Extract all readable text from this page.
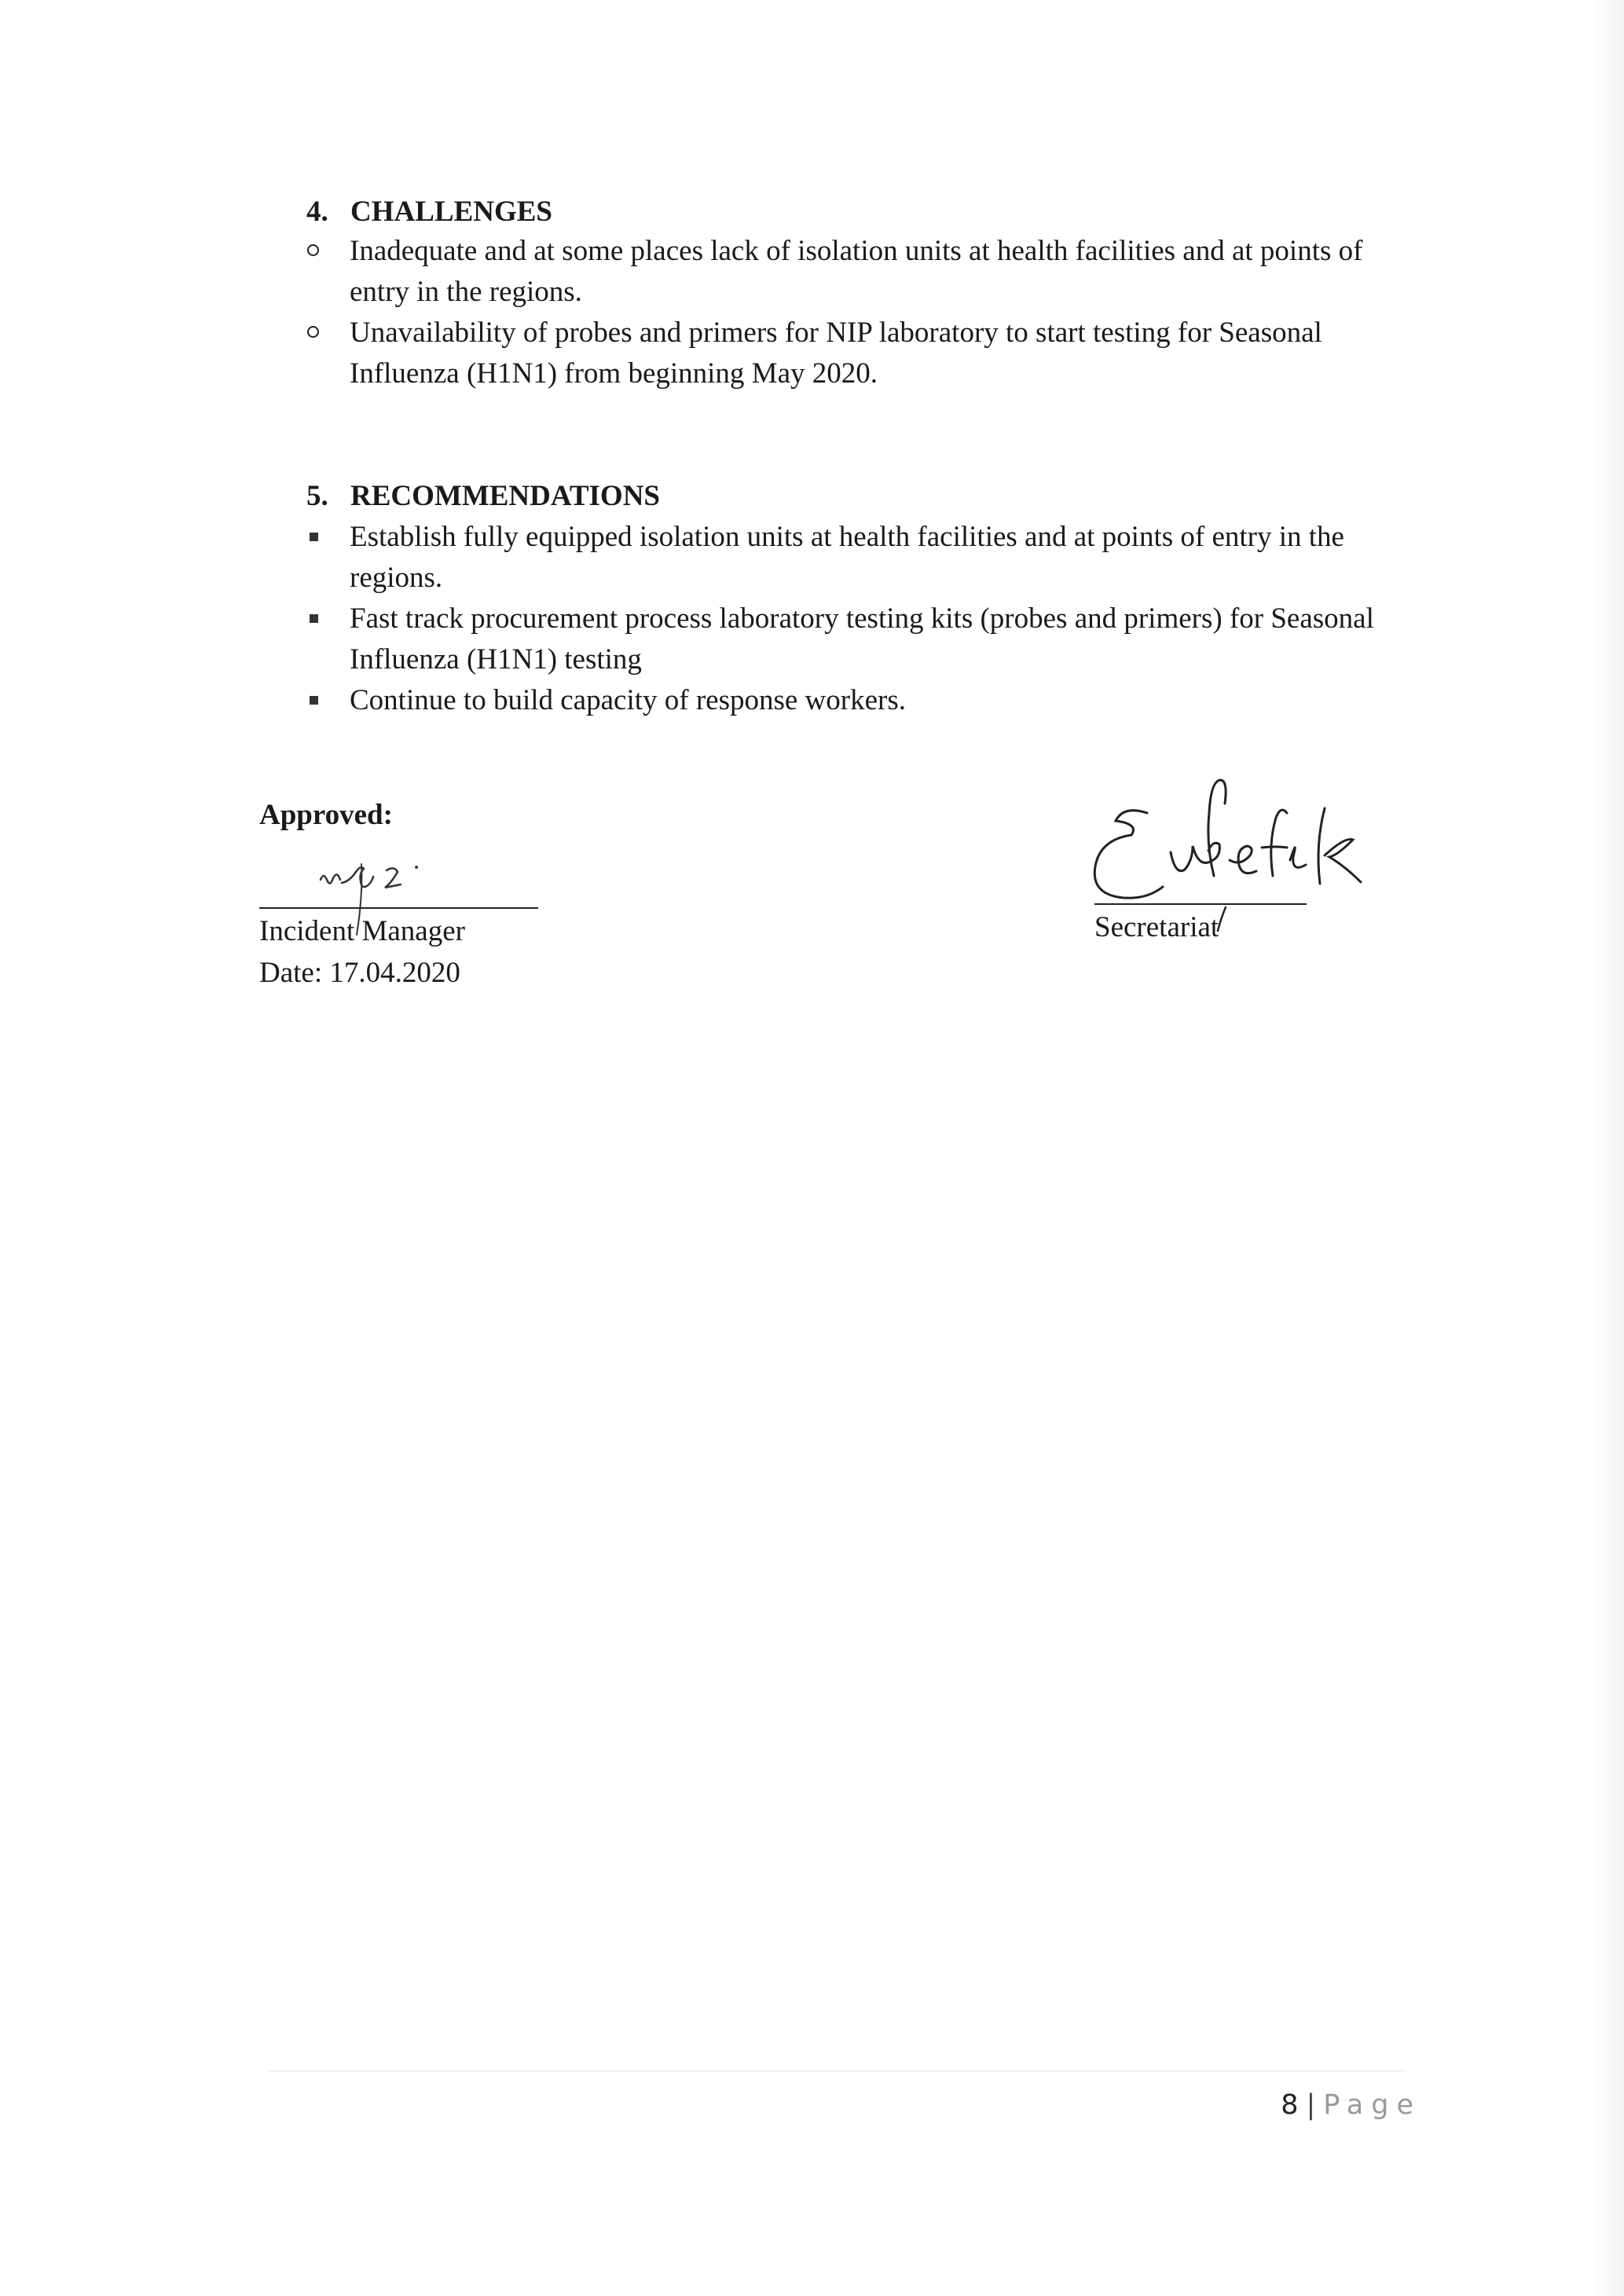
4. CHALLENGES
Inadequate and at some places lack of isolation units at health facilities and at points of entry in the regions.
Unavailability of probes and primers for NIP laboratory to start testing for Seasonal Influenza (H1N1) from beginning May 2020.
5. RECOMMENDATIONS
Establish fully equipped isolation units at health facilities and at points of entry in the regions.
Fast track procurement process laboratory testing kits (probes and primers) for Seasonal Influenza (H1N1) testing
Continue to build capacity of response workers.
Approved:
Incident Manager
Date: 17.04.2020
Secretariat
8 | Page
